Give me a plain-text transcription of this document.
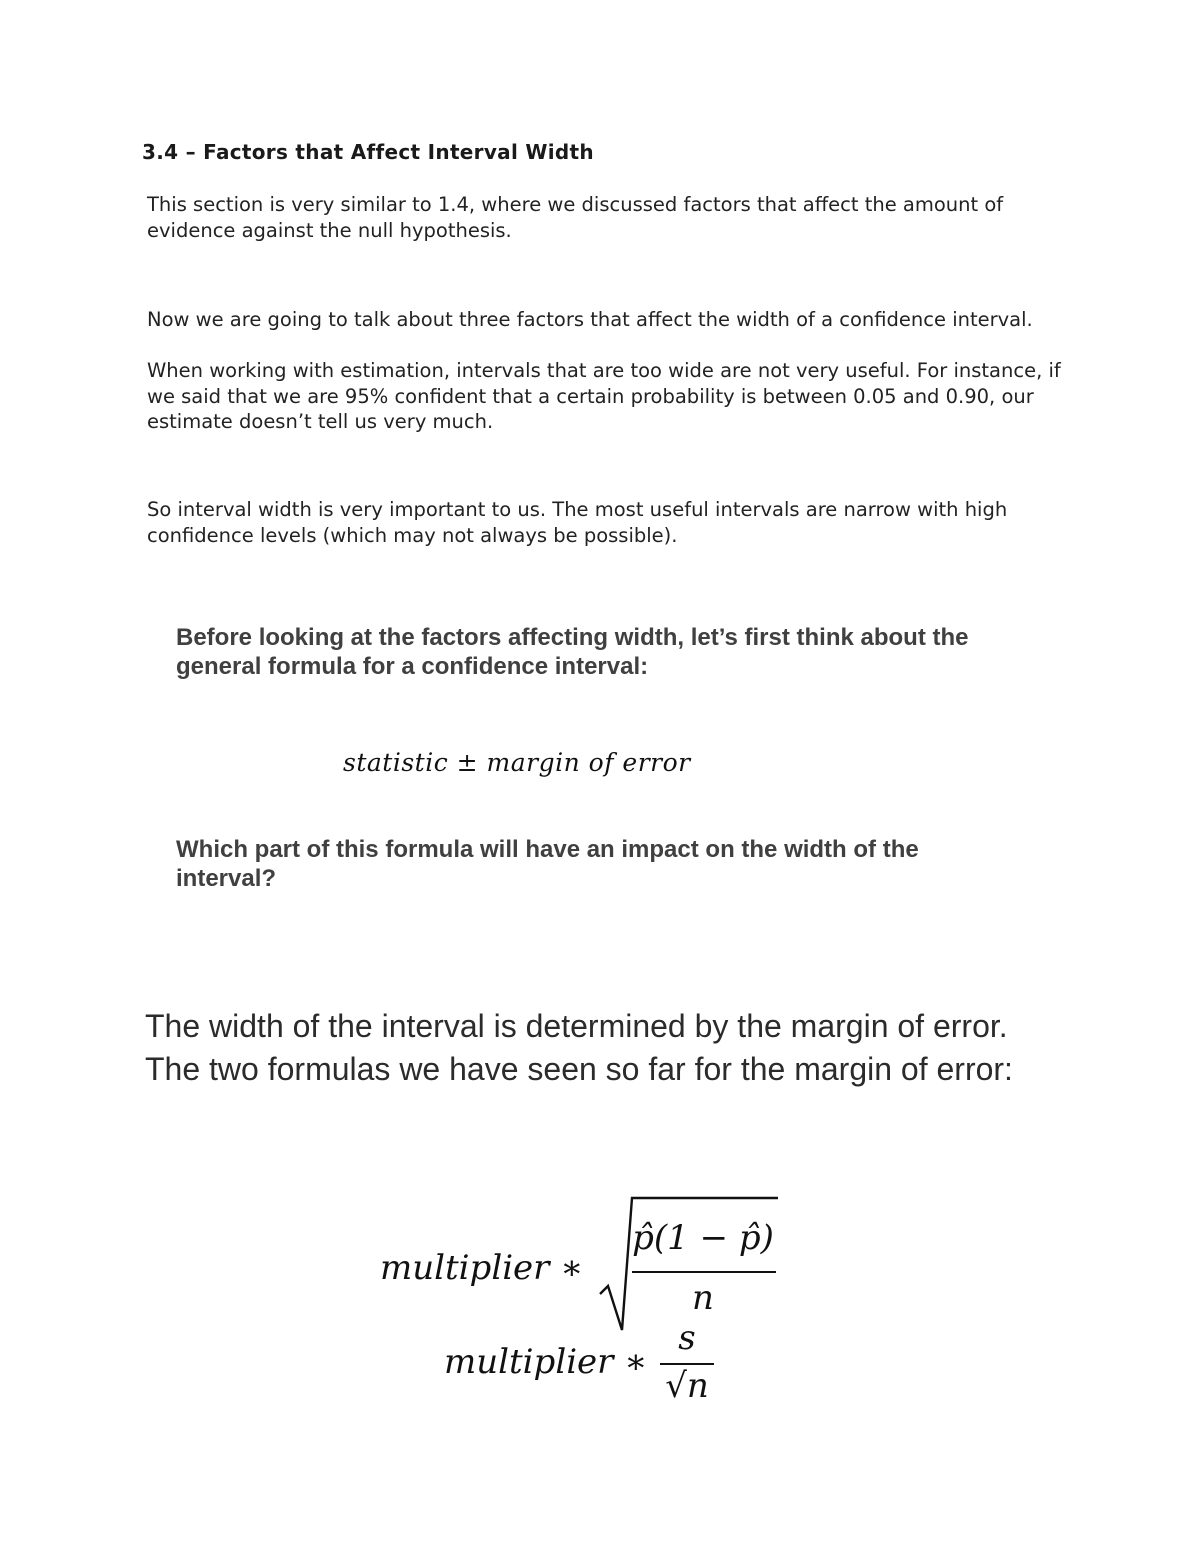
3.4 – Factors that Affect Interval Width
This section is very similar to 1.4, where we discussed factors that affect the amount of evidence against the null hypothesis.
Now we are going to talk about three factors that affect the width of a confidence interval.
When working with estimation, intervals that are too wide are not very useful. For instance, if we said that we are 95% confident that a certain probability is between 0.05 and 0.90, our estimate doesn’t tell us very much.
So interval width is very important to us. The most useful intervals are narrow with high confidence levels (which may not always be possible).
Before looking at the factors affecting width, let’s first think about the general formula for a confidence interval:
statistic ± margin of error
Which part of this formula will have an impact on the width of the interval?
The width of the interval is determined by the margin of error. The two formulas we have seen so far for the margin of error:
multiplier ∗
p̂(1 − p̂)
n
multiplier ∗
s
√n
